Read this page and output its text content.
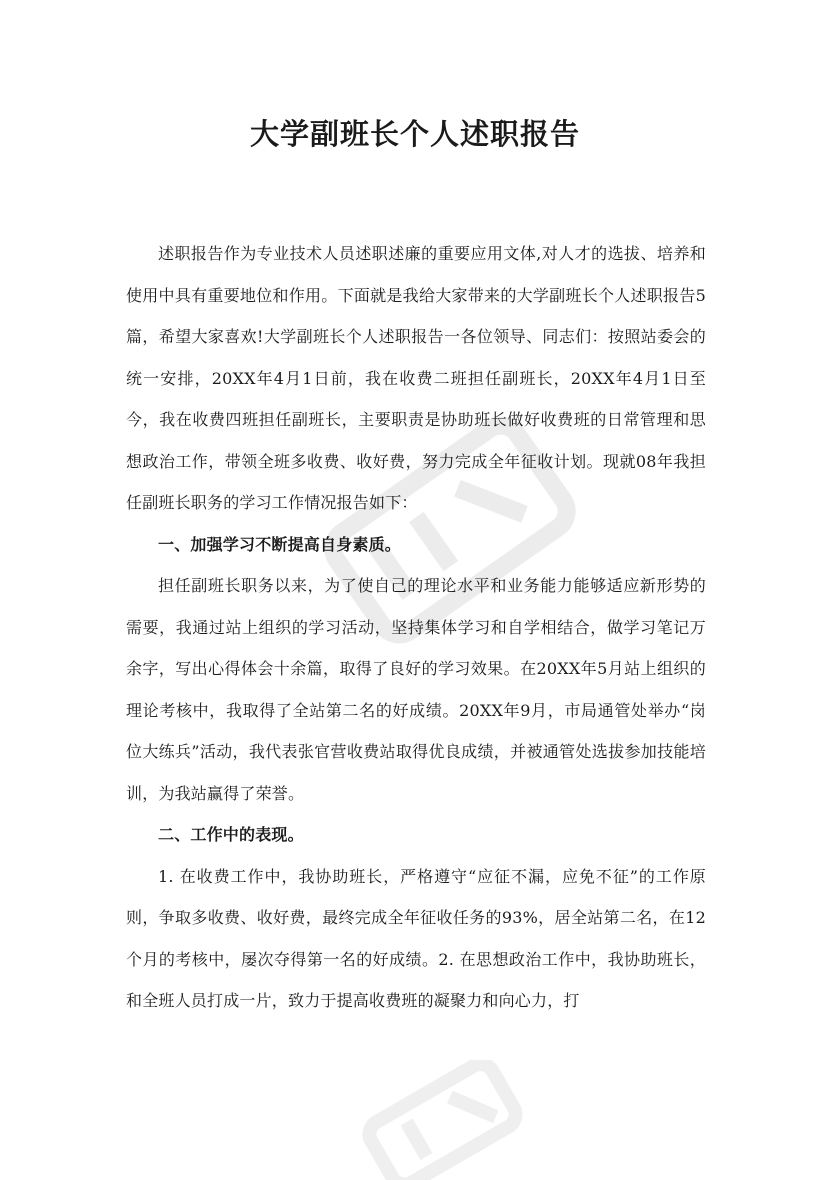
大学副班长个人述职报告

述职报告作为专业技术人员述职述廉的重要应用文体,对人才的选拔、培养和使用中具有重要地位和作用。下面就是我给大家带来的大学副班长个人述职报告5篇，希望大家喜欢!大学副班长个人述职报告一各位领导、同志们：按照站委会的统一安排，20XX年4月1日前，我在收费二班担任副班长，20XX年4月1日至今，我在收费四班担任副班长，主要职责是协助班长做好收费班的日常管理和思想政治工作，带领全班多收费、收好费，努力完成全年征收计划。现就08年我担任副班长职务的学习工作情况报告如下：

一、加强学习不断提高自身素质。

担任副班长职务以来，为了使自己的理论水平和业务能力能够适应新形势的需要，我通过站上组织的学习活动，坚持集体学习和自学相结合，做学习笔记万余字，写出心得体会十余篇，取得了良好的学习效果。在20XX年5月站上组织的理论考核中，我取得了全站第二名的好成绩。20XX年9月，市局通管处举办“岗位大练兵”活动，我代表张官营收费站取得优良成绩，并被通管处选拔参加技能培训，为我站赢得了荣誉。

二、工作中的表现。

1. 在收费工作中，我协助班长，严格遵守“应征不漏，应免不征”的工作原则，争取多收费、收好费，最终完成全年征收任务的93%，居全站第二名，在12个月的考核中，屡次夺得第一名的好成绩。2. 在思想政治工作中，我协助班长，和全班人员打成一片，致力于提高收费班的凝聚力和向心力，打
